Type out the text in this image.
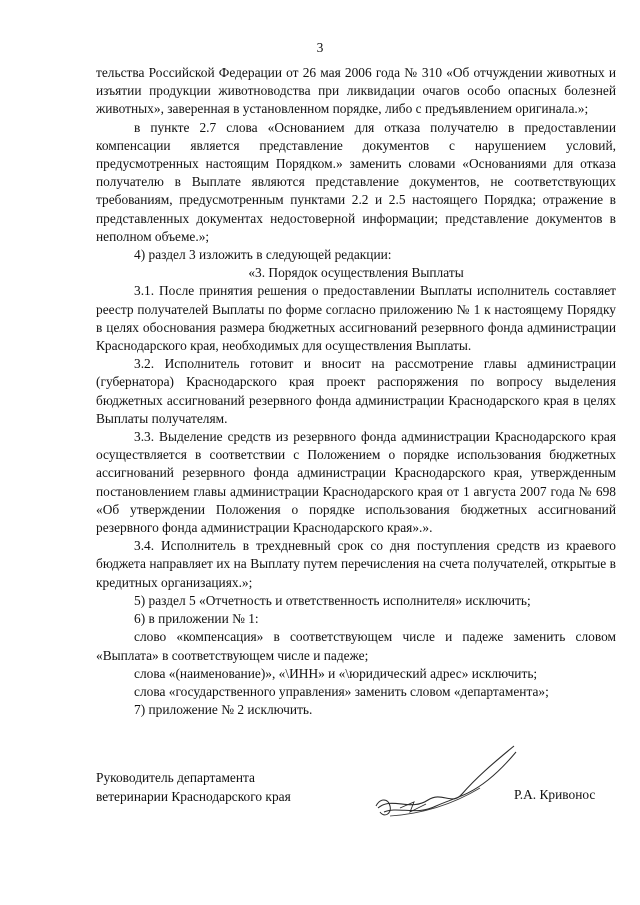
3

тельства Российской Федерации от 26 мая 2006 года № 310 «Об отчуждении животных и изъятии продукции животноводства при ликвидации очагов особо опасных болезней животных», заверенная в установленном порядке, либо с предъявлением оригинала.»;

в пункте 2.7 слова «Основанием для отказа получателю в предоставлении компенсации является представление документов с нарушением условий, предусмотренных настоящим Порядком.» заменить словами «Основаниями для отказа получателю в Выплате являются представление документов, не соответствующих требованиям, предусмотренным пунктами 2.2 и 2.5 настоящего Порядка; отражение в представленных документах недостоверной информации; представление документов в неполном объеме.»;

4) раздел 3 изложить в следующей редакции:

«3. Порядок осуществления Выплаты

3.1. После принятия решения о предоставлении Выплаты исполнитель составляет реестр получателей Выплаты по форме согласно приложению № 1 к настоящему Порядку в целях обоснования размера бюджетных ассигнований резервного фонда администрации Краснодарского края, необходимых для осуществления Выплаты.

3.2. Исполнитель готовит и вносит на рассмотрение главы администрации (губернатора) Краснодарского края проект распоряжения по вопросу выделения бюджетных ассигнований резервного фонда администрации Краснодарского края в целях Выплаты получателям.

3.3. Выделение средств из резервного фонда администрации Краснодарского края осуществляется в соответствии с Положением о порядке использования бюджетных ассигнований резервного фонда администрации Краснодарского края, утвержденным постановлением главы администрации Краснодарского края от 1 августа 2007 года № 698 «Об утверждении Положения о порядке использования бюджетных ассигнований резервного фонда администрации Краснодарского края».».

3.4. Исполнитель в трехдневный срок со дня поступления средств из краевого бюджета направляет их на Выплату путем перечисления на счета получателей, открытые в кредитных организациях.»;

5) раздел 5 «Отчетность и ответственность исполнителя» исключить;

6) в приложении № 1:

слово «компенсация» в соответствующем числе и падеже заменить словом «Выплата» в соответствующем числе и падеже;

слова «(наименование)», «\ИНН» и «\юридический адрес» исключить;

слова «государственного управления» заменить словом «департамента»;

7) приложение № 2 исключить.

Руководитель департамента
ветеринарии Краснодарского края	Р.А. Кривонос
